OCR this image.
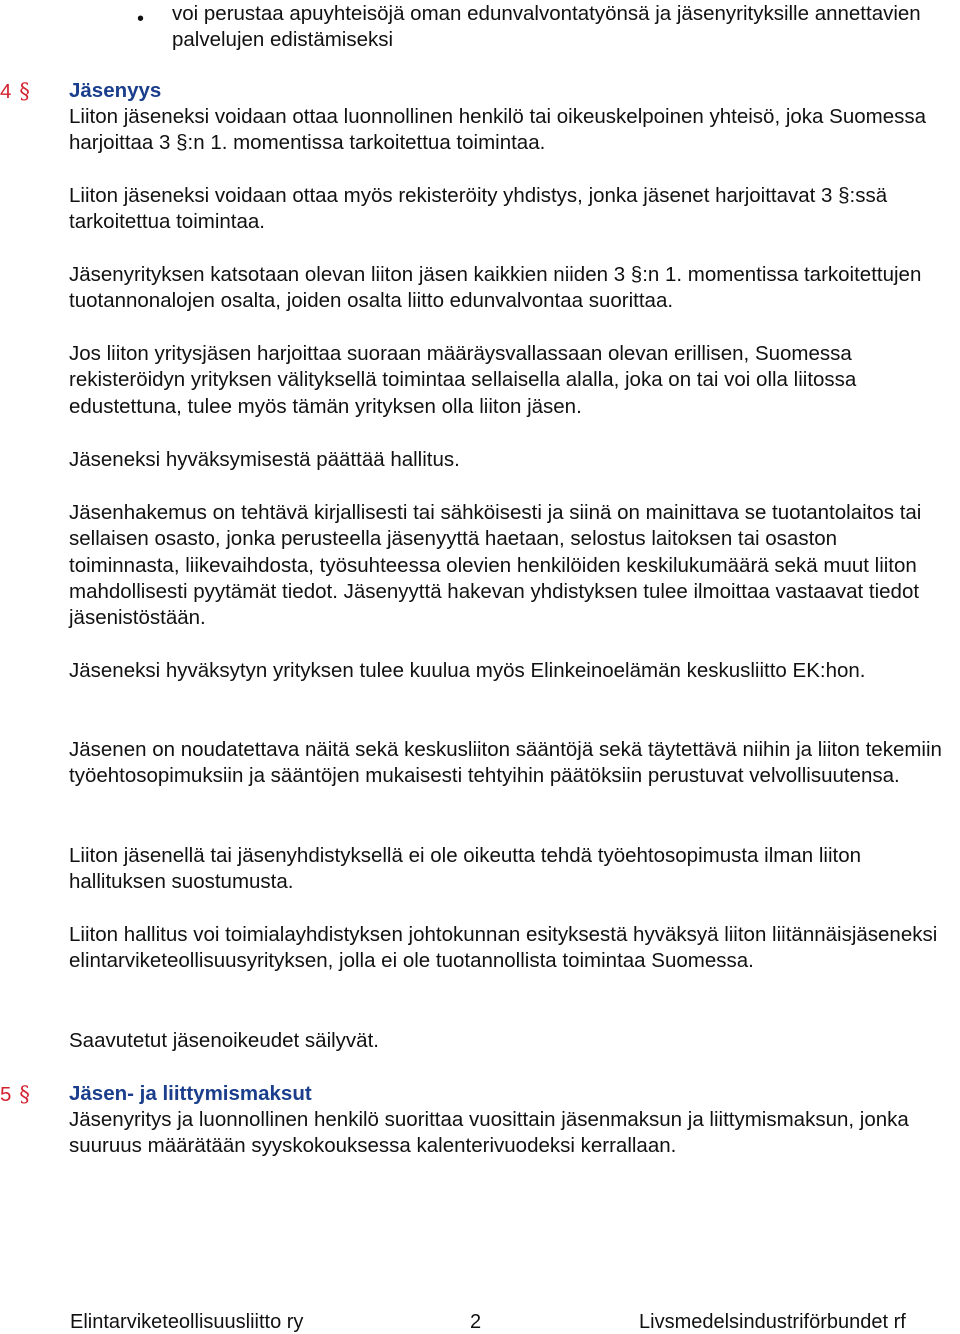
• voi perustaa apuyhteisöjä oman edunvalvontatyönsä ja jäsenyrityksille annettavien palvelujen edistämiseksi
4 §	Jäsenyys

Liiton jäseneksi voidaan ottaa luonnollinen henkilö tai oikeuskelpoinen yhteisö, joka Suomessa harjoittaa 3 §:n 1. momentissa tarkoitettua toimintaa.

Liiton jäseneksi voidaan ottaa myös rekisteröity yhdistys, jonka jäsenet harjoittavat 3 §:ssä tarkoitettua toimintaa.

Jäsenyrityksen katsotaan olevan liiton jäsen kaikkien niiden 3 §:n 1. momentissa tarkoitettujen tuotannonalojen osalta, joiden osalta liitto edunvalvontaa suorittaa.

Jos liiton yritysjäsen harjoittaa suoraan määräysvallassaan olevan erillisen, Suomessa rekisteröidyn yrityksen välityksellä toimintaa sellaisella alalla, joka on tai voi olla liitossa edustettuna, tulee myös tämän yrityksen olla liiton jäsen.

Jäseneksi hyväksymisestä päättää hallitus.

Jäsenhakemus on tehtävä kirjallisesti tai sähköisesti ja siinä on mainittava se tuotantolaitos tai sellaisen osasto, jonka perusteella jäsenyyttä haetaan, selostus laitoksen tai osaston toiminnasta, liikevaihdosta, työsuhteessa olevien henkilöiden keskilukumäärä sekä muut liiton mahdollisesti pyytämät tiedot. Jäsenyyttä hakevan yhdistyksen tulee ilmoittaa vastaavat tiedot jäsenistöstään.

Jäseneksi hyväksytyn yrityksen tulee kuulua myös Elinkeinoelämän keskusliitto EK:hon.

Jäsenen on noudatettava näitä sekä keskusliiton sääntöjä sekä täytettävä niihin ja liiton tekemiin työehtosopimuksiin ja sääntöjen mukaisesti tehtyihin päätöksiin perustuvat velvollisuutensa.

Liiton jäsenellä tai jäsenyhdistyksellä ei ole oikeutta tehdä työehtosopimusta ilman liiton hallituksen suostumusta.

Liiton hallitus voi toimialayhdistyksen johtokunnan esityksestä hyväksyä liiton liitännäisjäseneksi elintarviketeollisuusyrityksen, jolla ei ole tuotannollista toimintaa Suomessa.

Saavutetut jäsenoikeudet säilyvät.

5 §	Jäsen- ja liittymismaksut

Jäsenyritys ja luonnollinen henkilö suorittaa vuosittain jäsenmaksun ja liittymismaksun, jonka suuruus määrätään syyskokouksessa kalenterivuodeksi kerrallaan.

Elintarviketeollisuusliitto ry	2	Livsmedelsindustriförbundet rf
